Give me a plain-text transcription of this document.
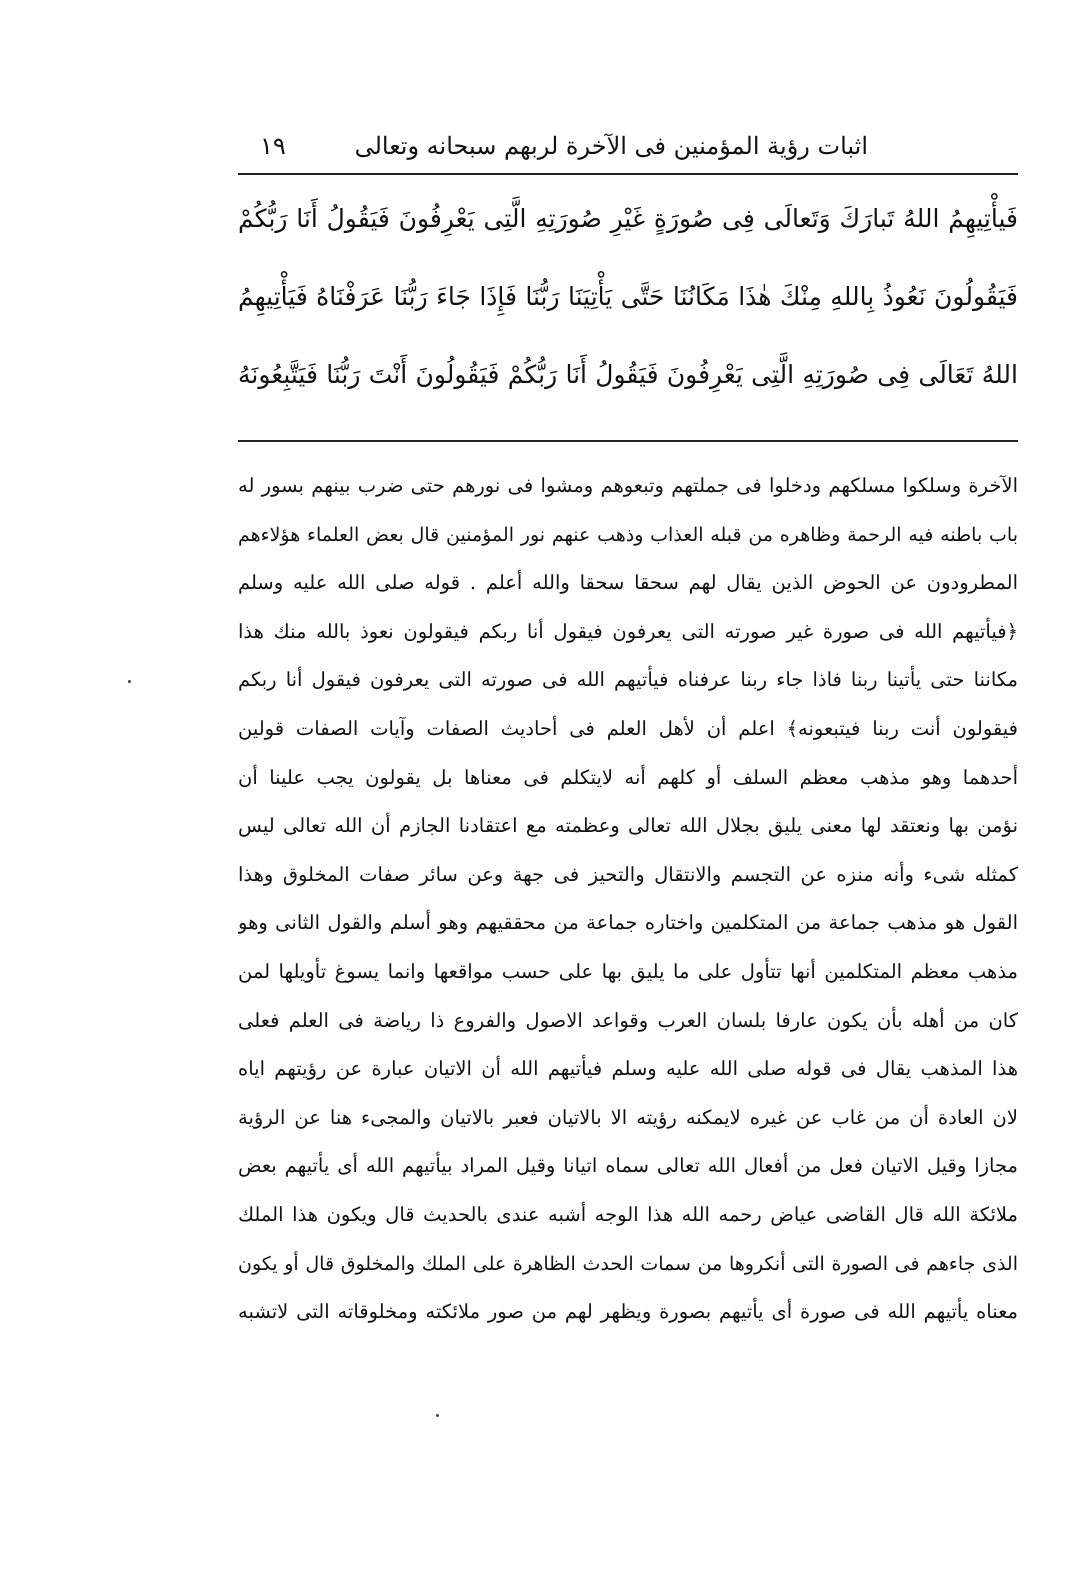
اثبات رؤية المؤمنين فى الآخرة لربهم سبحانه وتعالى
١٩
فَيأْتِيهِمُ اللهُ تَبارَكَ وَتَعالَى فِى صُورَةٍ غَيْرِ صُورَتِهِ الَّتِى يَعْرِفُونَ فَيَقُولُ أَنَا رَبُّكُمْ
فَيَقُولُونَ نَعُوذُ بِاللهِ مِنْكَ هٰذَا مَكَانُنَا حَتَّى يَأْتِيَنَا رَبُّنَا فَإِذَا جَاءَ رَبُّنَا عَرَفْنَاهُ فَيَأْتِيهِمُ
اللهُ تَعَالَى فِى صُورَتِهِ الَّتِى يَعْرِفُونَ فَيَقُولُ أَنَا رَبُّكُمْ فَيَقُولُونَ أَنْتَ رَبُّنَا فَيَتَّبِعُونَهُ
الآخرة وسلكوا مسلكهم ودخلوا فى جملتهم وتبعوهم ومشوا فى نورهم حتى ضرب بينهم بسور له
باب باطنه فيه الرحمة وظاهره من قبله العذاب وذهب عنهم نور المؤمنين قال بعض العلماء هؤلاءهم
المطرودون عن الحوض الذين يقال لهم سحقا سحقا والله أعلم . قوله صلى الله عليه وسلم
﴿فيأتيهم الله فى صورة غير صورته التى يعرفون فيقول أنا ربكم فيقولون نعوذ بالله منك هذا
مكاننا حتى يأتينا ربنا فاذا جاء ربنا عرفناه فيأتيهم الله فى صورته التى يعرفون فيقول أنا ربكم
فيقولون أنت ربنا فيتبعونه﴾ اعلم أن لأهل العلم فى أحاديث الصفات وآيات الصفات قولين
أحدهما وهو مذهب معظم السلف أو كلهم أنه لايتكلم فى معناها بل يقولون يجب علينا أن
نؤمن بها ونعتقد لها معنى يليق بجلال الله تعالى وعظمته مع اعتقادنا الجازم أن الله تعالى ليس
كمثله شىء وأنه منزه عن التجسم والانتقال والتحيز فى جهة وعن سائر صفات المخلوق وهذا
القول هو مذهب جماعة من المتكلمين واختاره جماعة من محققيهم وهو أسلم والقول الثانى وهو
مذهب معظم المتكلمين أنها تتأول على ما يليق بها على حسب مواقعها وانما يسوغ تأويلها لمن
كان من أهله بأن يكون عارفا بلسان العرب وقواعد الاصول والفروع ذا رياضة فى العلم فعلى
هذا المذهب يقال فى قوله صلى الله عليه وسلم فيأتيهم الله أن الاتيان عبارة عن رؤيتهم اياه
لان العادة أن من غاب عن غيره لايمكنه رؤيته الا بالاتيان فعبر بالاتيان والمجىء هنا عن الرؤية
مجازا وقيل الاتيان فعل من أفعال الله تعالى سماه اتيانا وقيل المراد بيأتيهم الله أى يأتيهم بعض
ملائكة الله قال القاضى عياض رحمه الله هذا الوجه أشبه عندى بالحديث قال ويكون هذا الملك
الذى جاءهم فى الصورة التى أنكروها من سمات الحدث الظاهرة على الملك والمخلوق قال أو يكون
معناه يأتيهم الله فى صورة أى يأتيهم بصورة ويظهر لهم من صور ملائكته ومخلوقاته التى لاتشبه
